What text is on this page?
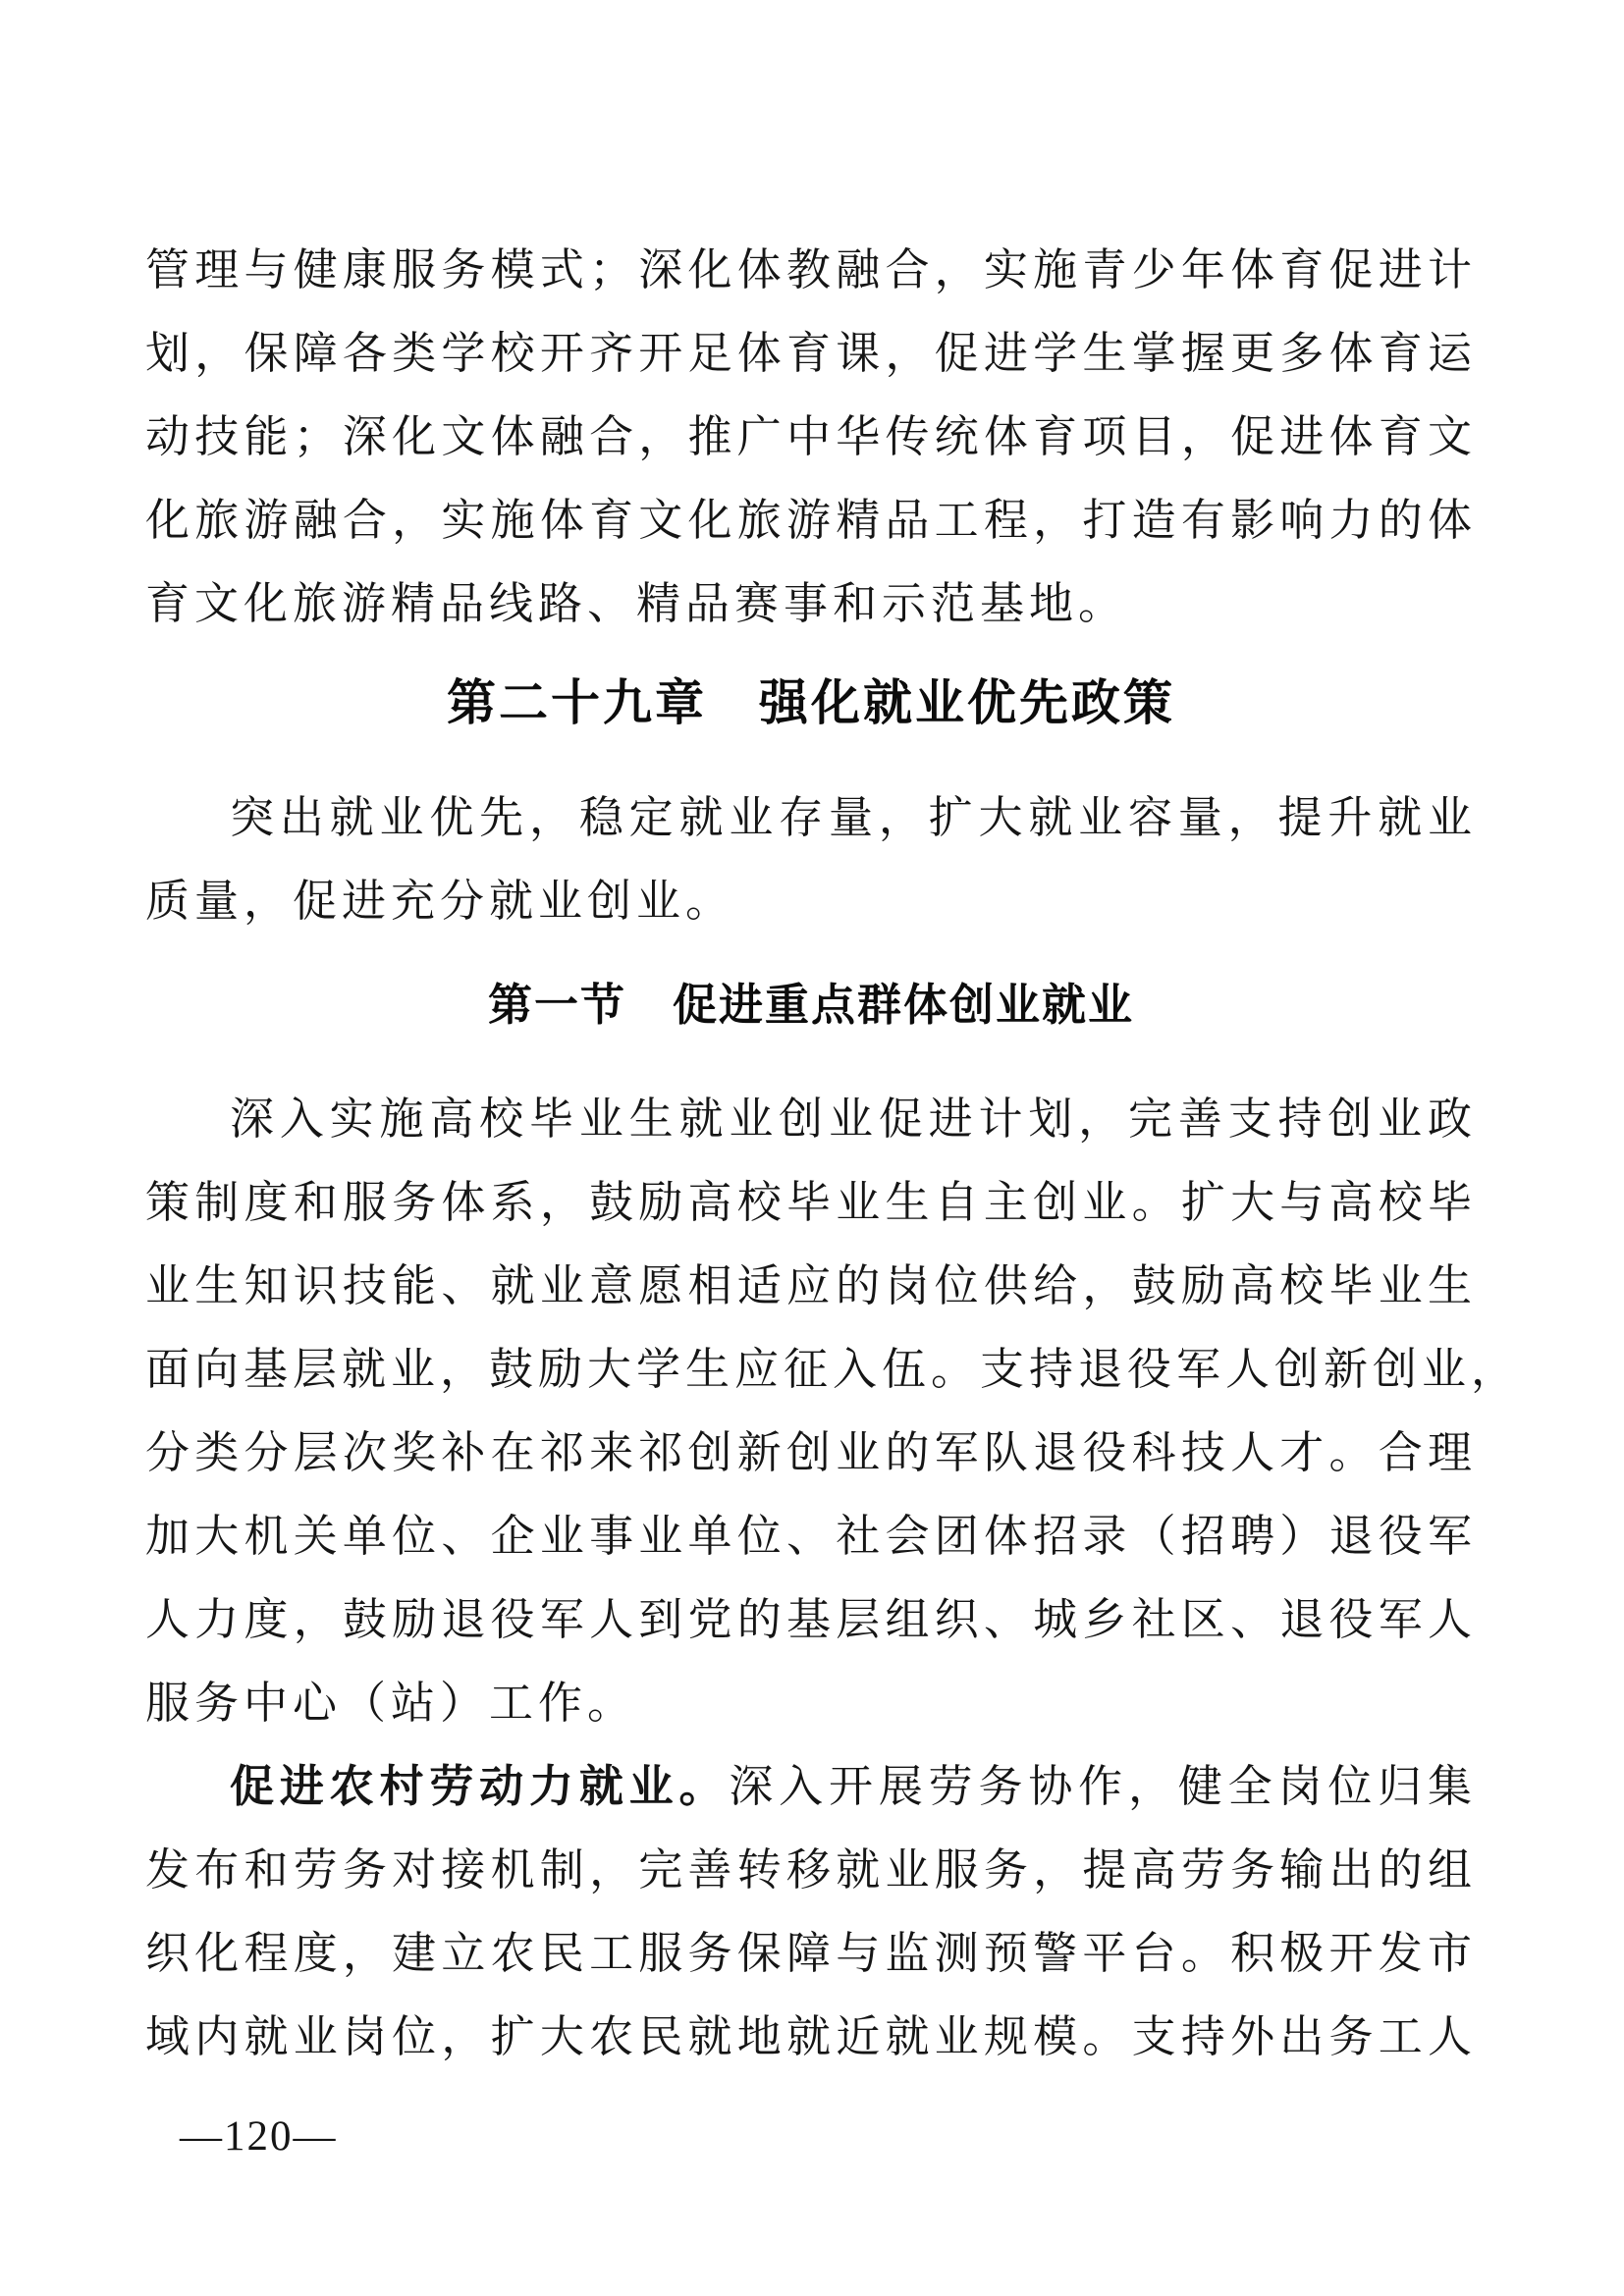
管理与健康服务模式；深化体教融合，实施青少年体育促进计
划，保障各类学校开齐开足体育课，促进学生掌握更多体育运
动技能；深化文体融合，推广中华传统体育项目，促进体育文
化旅游融合，实施体育文化旅游精品工程，打造有影响力的体
育文化旅游精品线路、精品赛事和示范基地。
第二十九章　强化就业优先政策
突出就业优先，稳定就业存量，扩大就业容量，提升就业
质量，促进充分就业创业。
第一节　促进重点群体创业就业
深入实施高校毕业生就业创业促进计划，完善支持创业政
策制度和服务体系，鼓励高校毕业生自主创业。扩大与高校毕
业生知识技能、就业意愿相适应的岗位供给，鼓励高校毕业生
面向基层就业，鼓励大学生应征入伍。支持退役军人创新创业，
分类分层次奖补在祁来祁创新创业的军队退役科技人才。合理
加大机关单位、企业事业单位、社会团体招录（招聘）退役军
人力度，鼓励退役军人到党的基层组织、城乡社区、退役军人
服务中心（站）工作。
促进农村劳动力就业。深入开展劳务协作，健全岗位归集
发布和劳务对接机制，完善转移就业服务，提高劳务输出的组
织化程度，建立农民工服务保障与监测预警平台。积极开发市
域内就业岗位，扩大农民就地就近就业规模。支持外出务工人
—120—
